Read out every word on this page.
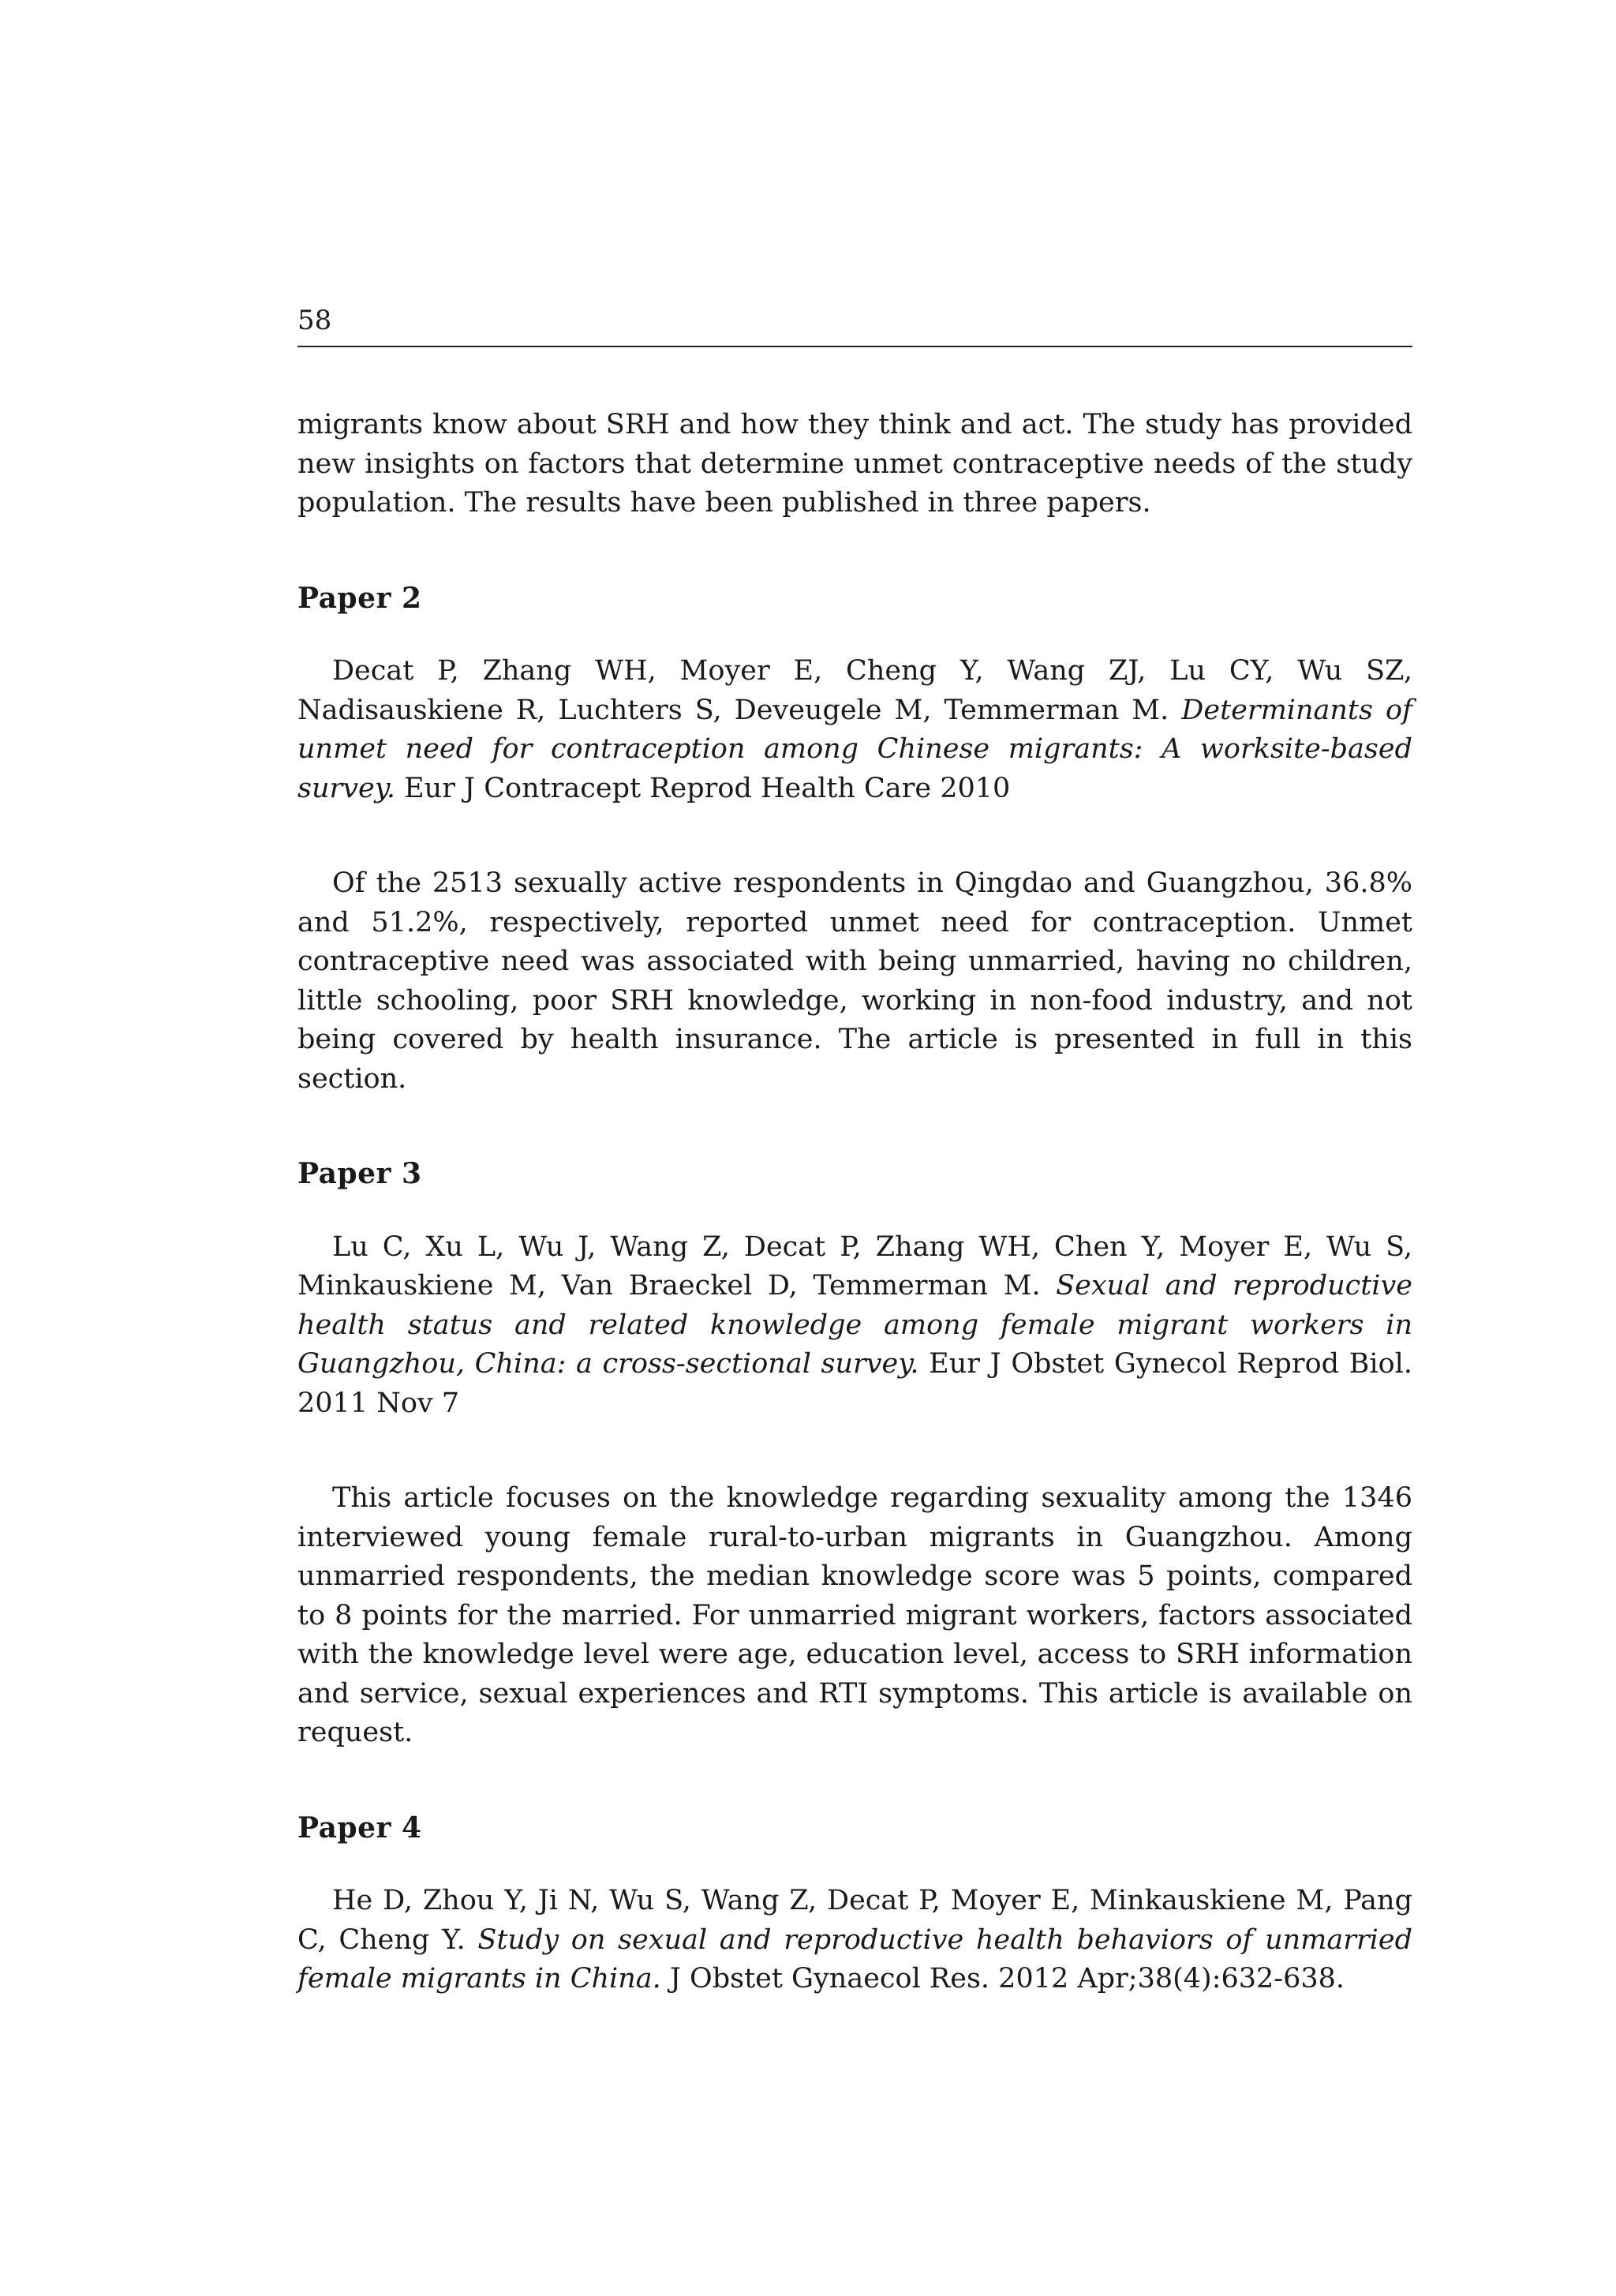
58

migrants know about SRH and how they think and act. The study has provided new insights on factors that determine unmet contraceptive needs of the study population. The results have been published in three papers.

Paper 2

Decat P, Zhang WH, Moyer E, Cheng Y, Wang ZJ, Lu CY, Wu SZ, Nadisauskiene R, Luchters S, Deveugele M, Temmerman M. Determinants of unmet need for contraception among Chinese migrants: A worksite-based survey. Eur J Contracept Reprod Health Care 2010

Of the 2513 sexually active respondents in Qingdao and Guangzhou, 36.8% and 51.2%, respectively, reported unmet need for contraception. Unmet contraceptive need was associated with being unmarried, having no children, little schooling, poor SRH knowledge, working in non-food industry, and not being covered by health insurance. The article is presented in full in this section.

Paper 3

Lu C, Xu L, Wu J, Wang Z, Decat P, Zhang WH, Chen Y, Moyer E, Wu S, Minkauskiene M, Van Braeckel D, Temmerman M. Sexual and reproductive health status and related knowledge among female migrant workers in Guangzhou, China: a cross-sectional survey. Eur J Obstet Gynecol Reprod Biol. 2011 Nov 7

This article focuses on the knowledge regarding sexuality among the 1346 interviewed young female rural-to-urban migrants in Guangzhou. Among unmarried respondents, the median knowledge score was 5 points, compared to 8 points for the married. For unmarried migrant workers, factors associated with the knowledge level were age, education level, access to SRH information and service, sexual experiences and RTI symptoms. This article is available on request.

Paper 4

He D, Zhou Y, Ji N, Wu S, Wang Z, Decat P, Moyer E, Minkauskiene M, Pang C, Cheng Y. Study on sexual and reproductive health behaviors of unmarried female migrants in China. J Obstet Gynaecol Res. 2012 Apr;38(4):632-638.
